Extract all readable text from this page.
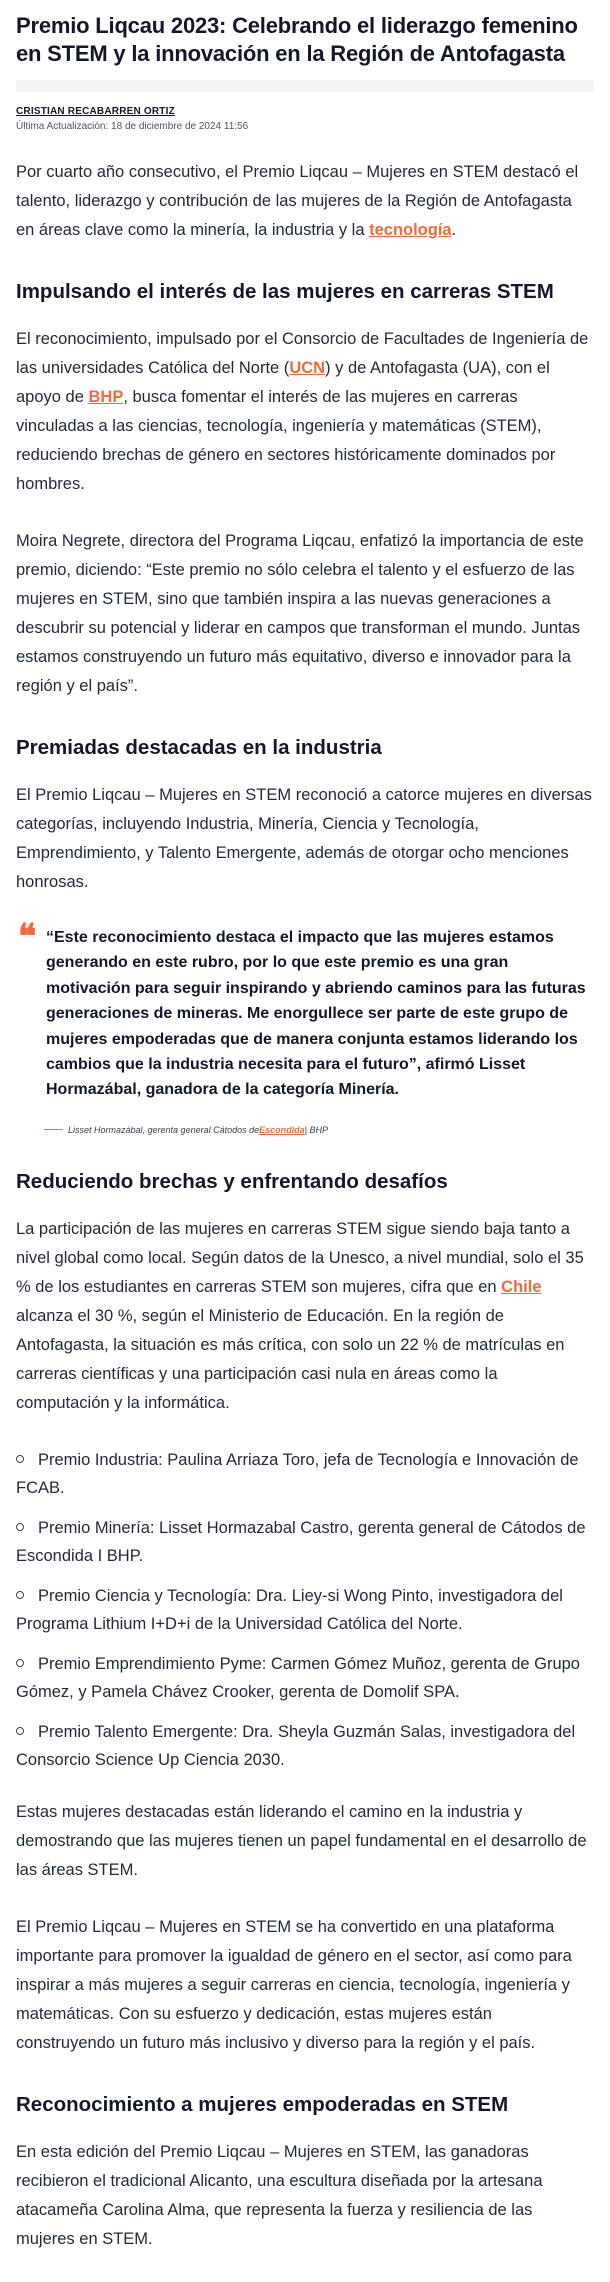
Premio Liqcau 2023: Celebrando el liderazgo femenino en STEM y la innovación en la Región de Antofagasta
CRISTIAN RECABARREN ORTIZ
Última Actualización: 18 de diciembre de 2024 11:56

Por cuarto año consecutivo, el Premio Liqcau – Mujeres en STEM destacó el talento, liderazgo y contribución de las mujeres de la Región de Antofagasta en áreas clave como la minería, la industria y la tecnología.

Impulsando el interés de las mujeres en carreras STEM

El reconocimiento, impulsado por el Consorcio de Facultades de Ingeniería de las universidades Católica del Norte (UCN) y de Antofagasta (UA), con el apoyo de BHP, busca fomentar el interés de las mujeres en carreras vinculadas a las ciencias, tecnología, ingeniería y matemáticas (STEM), reduciendo brechas de género en sectores históricamente dominados por hombres.

Moira Negrete, directora del Programa Liqcau, enfatizó la importancia de este premio, diciendo: “Este premio no sólo celebra el talento y el esfuerzo de las mujeres en STEM, sino que también inspira a las nuevas generaciones a descubrir su potencial y liderar en campos que transforman el mundo. Juntas estamos construyendo un futuro más equitativo, diverso e innovador para la región y el país”.

Premiadas destacadas en la industria

El Premio Liqcau – Mujeres en STEM reconoció a catorce mujeres en diversas categorías, incluyendo Industria, Minería, Ciencia y Tecnología, Emprendimiento, y Talento Emergente, además de otorgar ocho menciones honrosas.

❝ “Este reconocimiento destaca el impacto que las mujeres estamos generando en este rubro, por lo que este premio es una gran motivación para seguir inspirando y abriendo caminos para las futuras generaciones de mineras. Me enorgullece ser parte de este grupo de mujeres empoderadas que de manera conjunta estamos liderando los cambios que la industria necesita para el futuro”, afirmó Lisset Hormazábal, ganadora de la categoría Minería.
Lisset Hormazábal, gerenta general Cátodos de Escondida | BHP
Reduciendo brechas y enfrentando desafíos

La participación de las mujeres en carreras STEM sigue siendo baja tanto a nivel global como local. Según datos de la Unesco, a nivel mundial, solo el 35 % de los estudiantes en carreras STEM son mujeres, cifra que en Chile alcanza el 30 %, según el Ministerio de Educación. En la región de Antofagasta, la situación es más crítica, con solo un 22 % de matrículas en carreras científicas y una participación casi nula en áreas como la computación y la informática.

Premio Industria: Paulina Arriaza Toro, jefa de Tecnología e Innovación de FCAB.
Premio Minería: Lisset Hormazabal Castro, gerenta general de Cátodos de Escondida I BHP.
Premio Ciencia y Tecnología: Dra. Liey-si Wong Pinto, investigadora del Programa Lithium I+D+i de la Universidad Católica del Norte.
Premio Emprendimiento Pyme: Carmen Gómez Muñoz, gerenta de Grupo Gómez, y Pamela Chávez Crooker, gerenta de Domolif SPA.
Premio Talento Emergente: Dra. Sheyla Guzmán Salas, investigadora del Consorcio Science Up Ciencia 2030.

Estas mujeres destacadas están liderando el camino en la industria y demostrando que las mujeres tienen un papel fundamental en el desarrollo de las áreas STEM.

El Premio Liqcau – Mujeres en STEM se ha convertido en una plataforma importante para promover la igualdad de género en el sector, así como para inspirar a más mujeres a seguir carreras en ciencia, tecnología, ingeniería y matemáticas. Con su esfuerzo y dedicación, estas mujeres están construyendo un futuro más inclusivo y diverso para la región y el país.

Reconocimiento a mujeres empoderadas en STEM

En esta edición del Premio Liqcau – Mujeres en STEM, las ganadoras recibieron el tradicional Alicanto, una escultura diseñada por la artesana atacameña Carolina Alma, que representa la fuerza y resiliencia de las mujeres en STEM.
